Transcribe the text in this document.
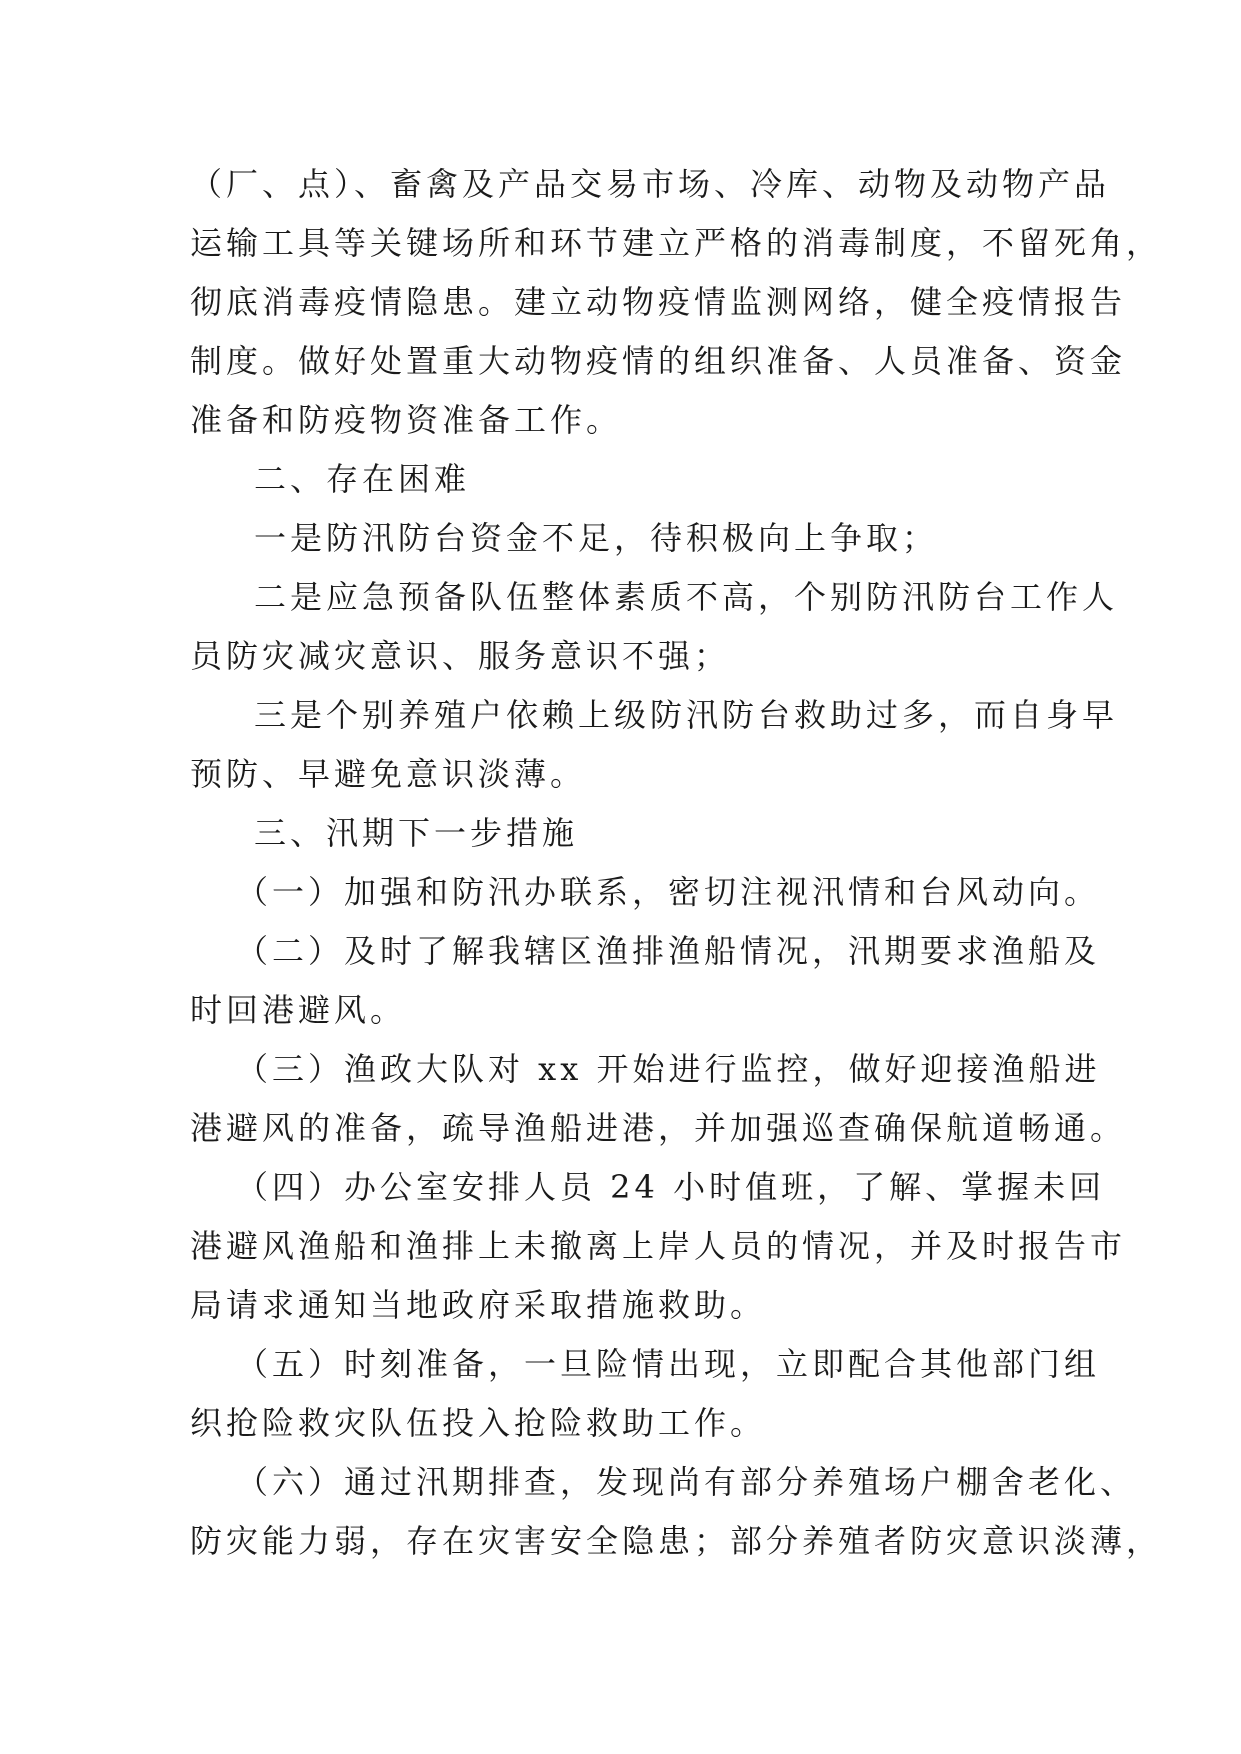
（厂、点）、畜禽及产品交易市场、冷库、动物及动物产品
运输工具等关键场所和环节建立严格的消毒制度，不留死角，
彻底消毒疫情隐患。建立动物疫情监测网络，健全疫情报告
制度。做好处置重大动物疫情的组织准备、人员准备、资金
准备和防疫物资准备工作。
二、存在困难
一是防汛防台资金不足，待积极向上争取；
二是应急预备队伍整体素质不高，个别防汛防台工作人
员防灾减灾意识、服务意识不强；
三是个别养殖户依赖上级防汛防台救助过多，而自身早
预防、早避免意识淡薄。
三、汛期下一步措施
（一）加强和防汛办联系，密切注视汛情和台风动向。
（二）及时了解我辖区渔排渔船情况，汛期要求渔船及
时回港避风。
（三）渔政大队对 xx 开始进行监控，做好迎接渔船进
港避风的准备，疏导渔船进港，并加强巡查确保航道畅通。
（四）办公室安排人员 24 小时值班，了解、掌握未回
港避风渔船和渔排上未撤离上岸人员的情况，并及时报告市
局请求通知当地政府采取措施救助。
（五）时刻准备，一旦险情出现，立即配合其他部门组
织抢险救灾队伍投入抢险救助工作。
（六）通过汛期排查，发现尚有部分养殖场户棚舍老化、
防灾能力弱，存在灾害安全隐患；部分养殖者防灾意识淡薄，
